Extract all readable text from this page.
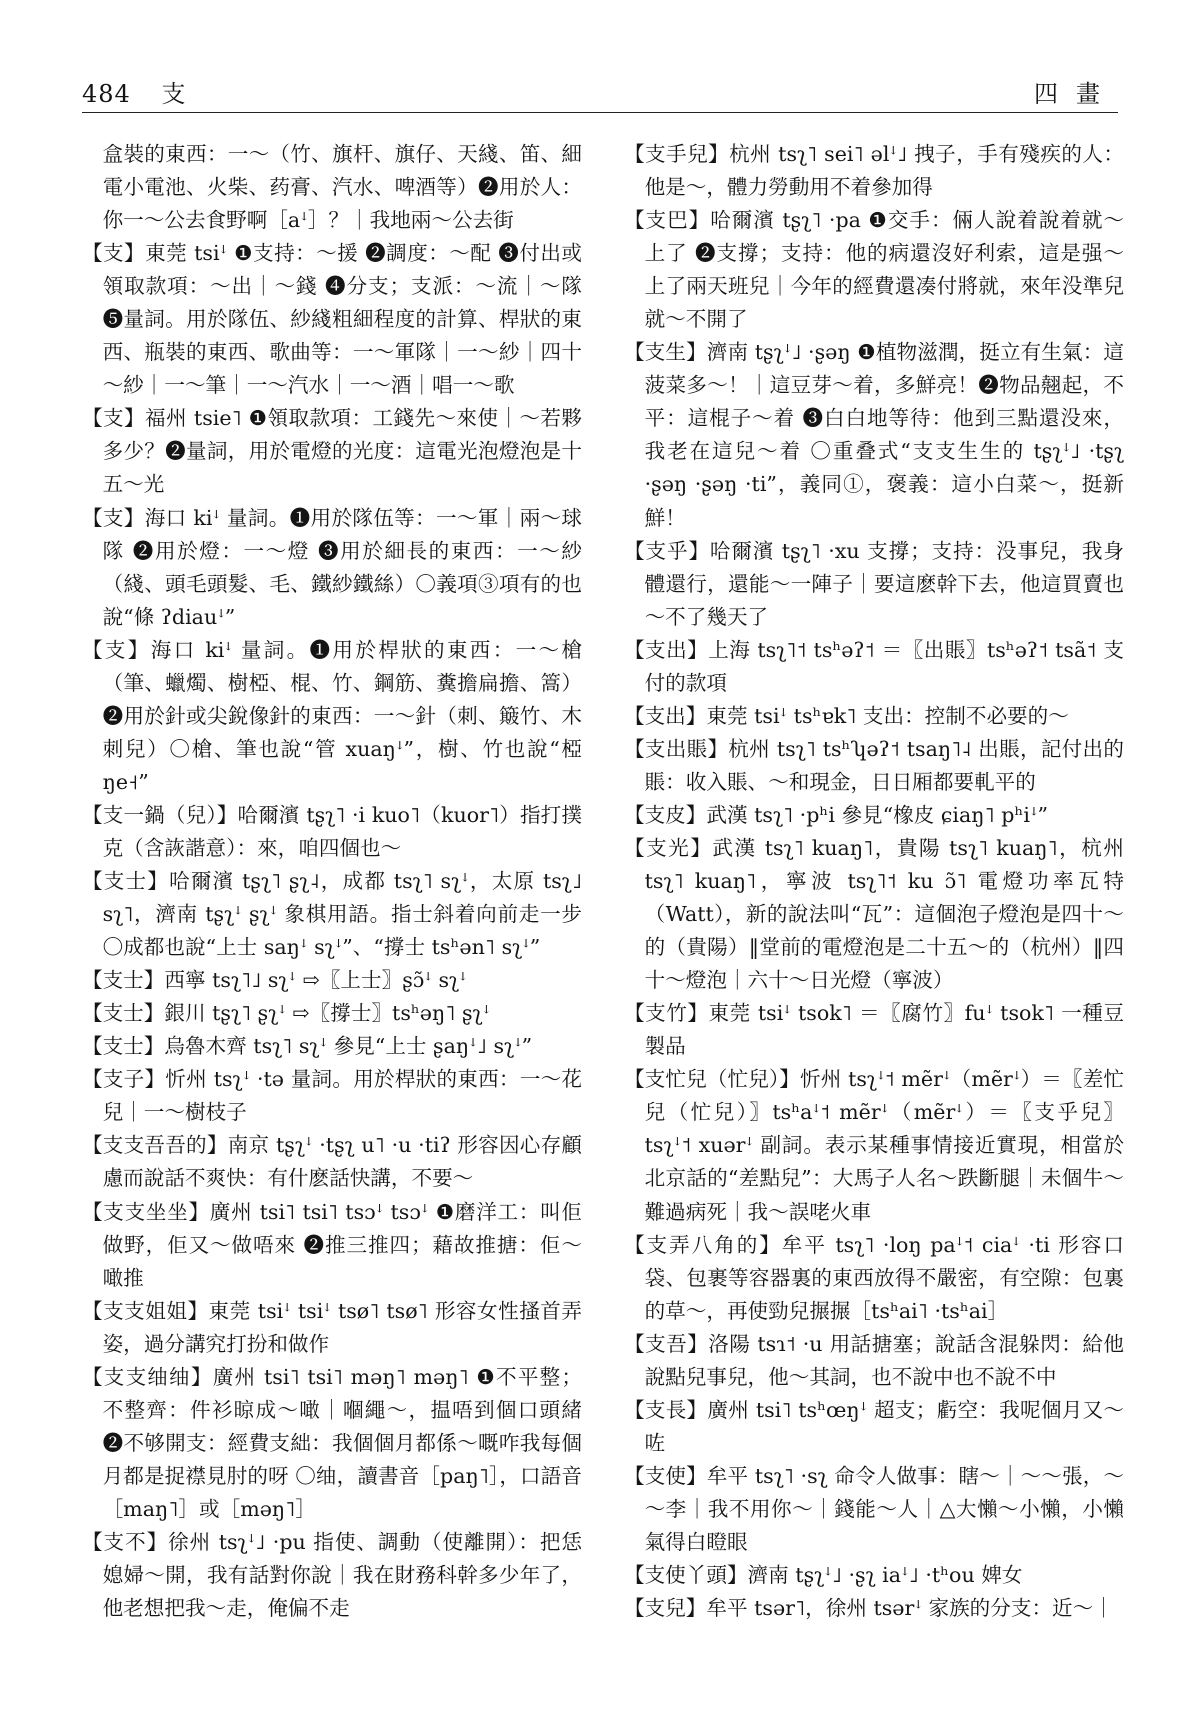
484 支	四畫

盒裝的東西：一～（竹、旗杆、旗仔、天綫、笛、細電小電池、火柴、药膏、汽水、啤酒等）❷用於人：你一～公去食野啊［aꜜ］？｜我地兩～公去街

【支】東莞 tsiꜜ ❶支持：～援 ❷調度：～配 ❸付出或領取款項：～出｜～錢 ❹分支；支派：～流｜～隊 ❺量詞。用於隊伍、紗綫粗細程度的計算、桿狀的東西、瓶裝的東西、歌曲等：一～軍隊｜一～紗｜四十～紗｜一～筆｜一～汽水｜一～酒｜唱一～歌

【支】福州 tsie˥ ❶領取款項：工錢先～來使｜～若夥多少？❷量詞，用於電燈的光度：這電光泡燈泡是十五～光

【支】海口 kiꜜ 量詞。❶用於隊伍等：一～軍｜兩～球隊 ❷用於燈：一～燈 ❸用於細長的東西：一～紗（綫、頭毛頭髮、毛、鐵紗鐵絲）〇義項③項有的也說“條 ʔdiauꜜ”

【支】海口 kiꜜ 量詞。❶用於桿狀的東西：一～槍（筆、蠟燭、樹椏、棍、竹、鋼筋、糞擔扁擔、篙）❷用於針或尖銳像針的東西：一～針（刺、簸竹、木刺兒）〇槍、筆也說“管 xuaŋꜜ”，樹、竹也說“椏 ŋe˧”

【支一鍋（兒）】哈爾濱 tʂʅ˥ ·i kuo˥（kuor˥）指打撲克（含詼諧意）：來，咱四個也～

【支士】哈爾濱 tʂʅ˥ ʂʅ˨，成都 tsʅ˥ sʅꜜ，太原 tsʅ˩ sʅ˥，濟南 tʂʅꜜ ʂʅꜜ 象棋用語。指士斜着向前走一步 〇成都也說“上士 saŋꜜ sʅꜜ”、“撐士 tsʰən˥ sʅꜜ”

【支士】西寧 tsʅ˥˩ sʅꜜ ⇨〖上士〗ʂɔ̃ꜜ sʅꜜ

【支士】銀川 tʂʅ˥ ʂʅꜜ ⇨〖撐士〗tsʰəŋ˥ ʂʅꜜ

【支士】烏魯木齊 tsʅ˥ sʅꜜ 參見“上士 ʂaŋꜜ˩ sʅꜜ”

【支子】忻州 tsʅꜜ ·tə 量詞。用於桿狀的東西：一～花兒｜一～樹枝子

【支支吾吾的】南京 tʂʅꜜ ·tʂʅ u˥ ·u ·tiʔ 形容因心存顧慮而說話不爽快：有什麽話快講，不要～

【支支坐坐】廣州 tsi˥ tsi˥ tsɔꜜ tsɔꜜ ❶磨洋工：叫佢做野，佢又～做唔來 ❷推三推四；藉故推搪：佢～噉推

【支支姐姐】東莞 tsiꜜ tsiꜜ tsø˥ tsø˥ 形容女性搔首弄姿，過分講究打扮和做作

【支支䌷䌷】廣州 tsi˥ tsi˥ məŋ˥ məŋ˥ ❶不平整；不整齊：件衫晾成～噉｜嗰繩～，揾唔到個口頭緒 ❷不够開支：經費支絀：我個個月都係～嘅咋我每個月都是捉襟見肘的呀 〇䌷，讀書音［paŋ˥］，口語音［maŋ˥］或［məŋ˥］

【支不】徐州 tsʅꜜ˩ ·pu 指使、調動（使離開）：把恁媳婦～開，我有話對你說｜我在財務科幹多少年了，他老想把我～走，俺偏不走

【支手兒】杭州 tsʅ˥ sei˥ əlꜜ˩ 拽子，手有殘疾的人：他是～，體力勞動用不着參加得

【支巴】哈爾濱 tʂʅ˥ ·pa ❶交手：倆人說着說着就～上了 ❷支撐；支持：他的病還沒好利索，這是强～上了兩天班兒｜今年的經費還凑付將就，來年没準兒就～不開了

【支生】濟南 tʂʅꜜ˩ ·ʂəŋ ❶植物滋潤，挺立有生氣：這菠菜多～！｜這豆芽～着，多鮮亮！❷物品翹起，不平：這棍子～着 ❸白白地等待：他到三點還没來，我老在這兒～着 〇重叠式“支支生生的 tʂʅꜜ˩ ·tʂʅ ·ʂəŋ ·ʂəŋ ·ti”，義同①，褒義：這小白菜～，挺新鮮！

【支乎】哈爾濱 tʂʅ˥ ·xu 支撐；支持：没事兒，我身體還行，還能～一陣子｜要這麽幹下去，他這買賣也～不了幾天了

【支出】上海 tsʅ˥˦ tsʰəʔ˦ ＝〖出賬〗tsʰəʔ˦ tsã˦ 支付的款項

【支出】東莞 tsiꜜ tsʰɐk˥ 支出：控制不必要的～

【支出賬】杭州 tsʅ˥ tsʰʮəʔ˦ tsaŋ˥˨ 出賬，記付出的賬：收入賬、～和現金，日日厢都要軋平的

【支皮】武漢 tsʅ˥ ·pʰi 參見“橡皮 ɕiaŋ˥ pʰiꜜ”

【支光】武漢 tsʅ˥ kuaŋ˥，貴陽 tsʅ˥ kuaŋ˥，杭州 tsʅ˥ kuaŋ˥，寧波 tsʅ˥˦ ku ɔ̃˥ 電燈功率瓦特（Watt），新的說法叫“瓦”：這個泡子燈泡是四十～的（貴陽）‖堂前的電燈泡是二十五～的（杭州）‖四十～燈泡｜六十～日光燈（寧波）

【支竹】東莞 tsiꜜ tsok˥ ＝〖腐竹〗fuꜜ tsok˥ 一種豆製品

【支忙兒（忙兒）】忻州 tsʅꜜ˦ mẽrꜜ（mẽrꜜ）＝〖差忙兒（忙兒）〗tsʰaꜜ˦ mẽrꜜ（mẽrꜜ）＝〖支乎兒〗tsʅꜜ˦ xuərꜜ 副詞。表示某種事情接近實現，相當於北京話的“差點兒”：大馬子人名～跌斷腿｜未個牛～難過病死｜我～誤咾火車

【支弄八角的】牟平 tsʅ˥ ·loŋ paꜜ˦ ciaꜜ ·ti 形容口袋、包裹等容器裏的東西放得不嚴密，有空隙：包裏的草～，再使勁兒搌搌［tsʰai˥ ·tsʰai］

【支吾】洛陽 tsɿ˦ ·u 用話搪塞；說話含混躲閃：給他說點兒事兒，他～其詞，也不說中也不說不中

【支長】廣州 tsi˥ tsʰœŋꜜ 超支；虧空：我呢個月又～咗

【支使】牟平 tsʅ˥ ·sʅ 命令人做事：瞎～｜～～張，～～李｜我不用你～｜錢能～人｜△大懶～小懶，小懶氣得白瞪眼

【支使丫頭】濟南 tʂʅꜜ˩ ·ʂʅ iaꜜ˩ ·tʰou 婢女

【支兒】牟平 tsər˥，徐州 tsərꜜ 家族的分支：近～｜
